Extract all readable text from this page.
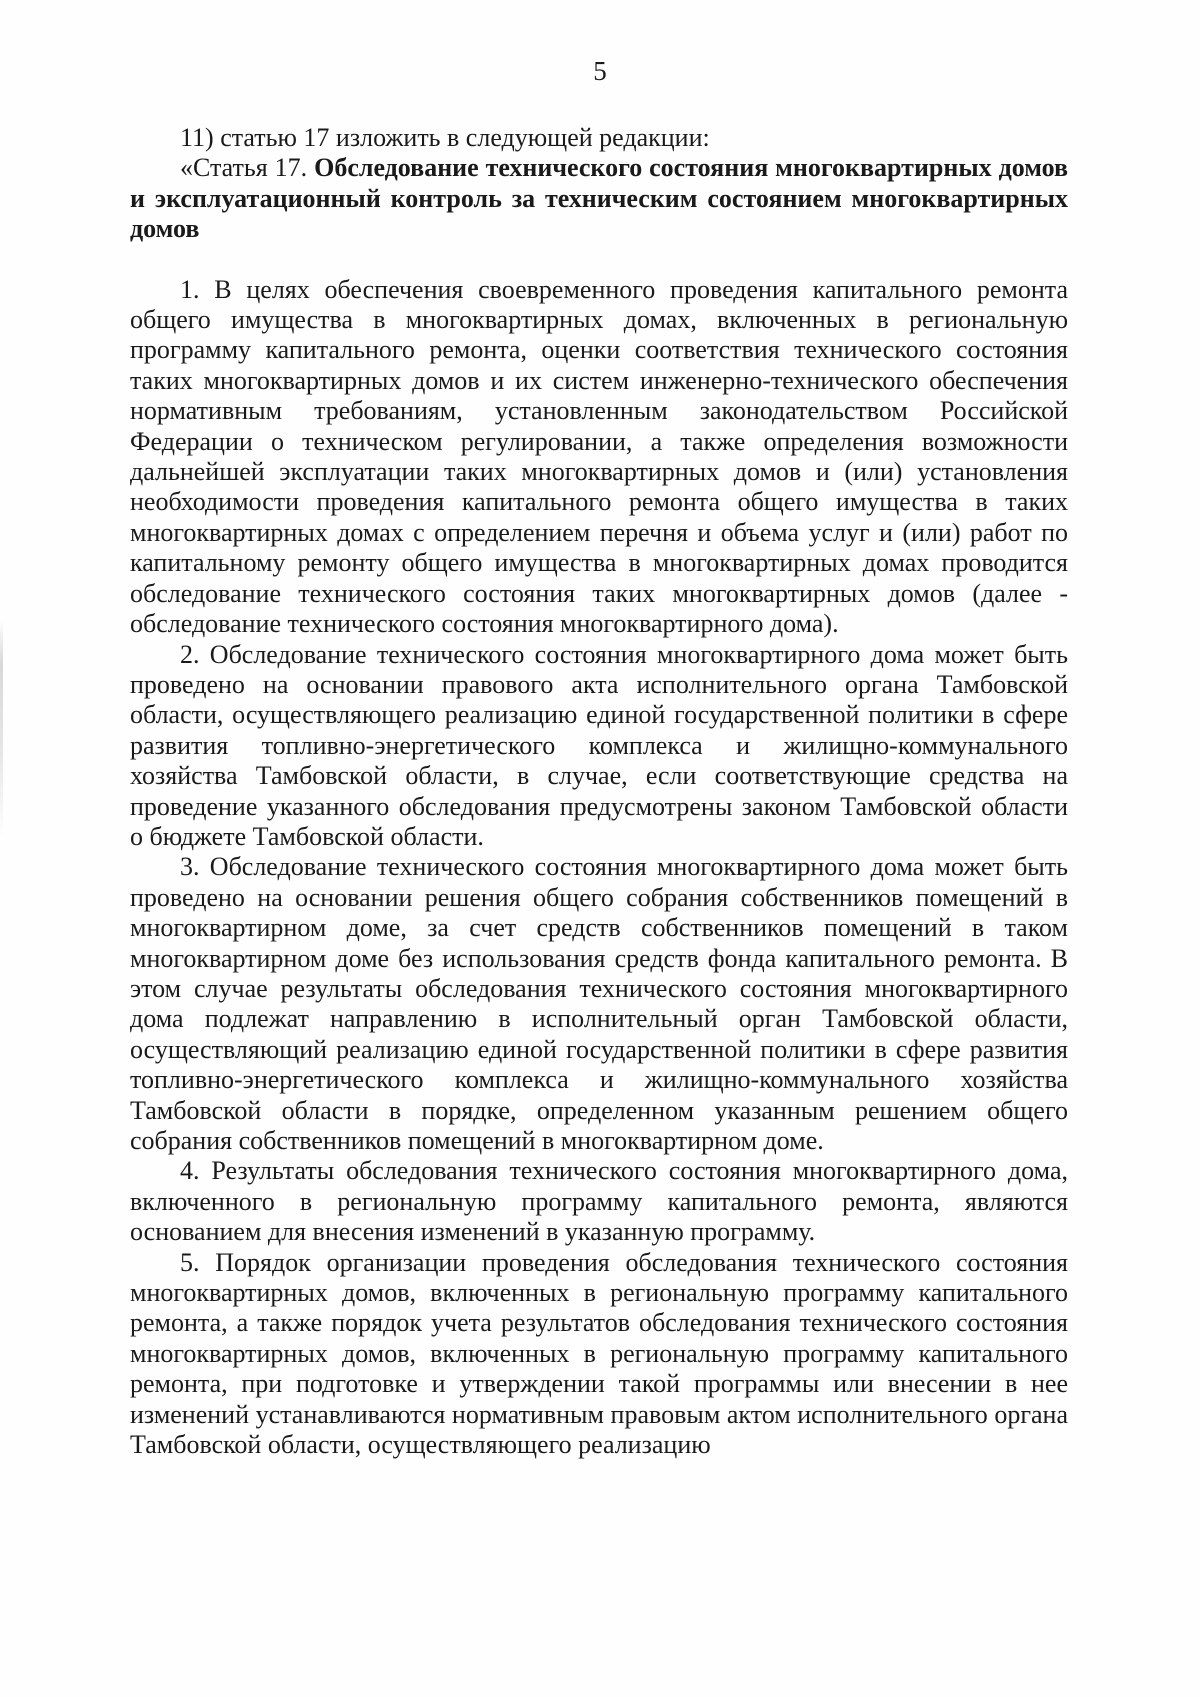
5

11) статью 17 изложить в следующей редакции:

«Статья 17. Обследование технического состояния многоквартирных домов и эксплуатационный контроль за техническим состоянием многоквартирных домов

1. В целях обеспечения своевременного проведения капитального ремонта общего имущества в многоквартирных домах, включенных в региональную программу капитального ремонта, оценки соответствия технического состояния таких многоквартирных домов и их систем инженерно-технического обеспечения нормативным требованиям, установленным законодательством Российской Федерации о техническом регулировании, а также определения возможности дальнейшей эксплуатации таких многоквартирных домов и (или) установления необходимости проведения капитального ремонта общего имущества в таких многоквартирных домах с определением перечня и объема услуг и (или) работ по капитальному ремонту общего имущества в многоквартирных домах проводится обследование технического состояния таких многоквартирных домов (далее - обследование технического состояния многоквартирного дома).

2. Обследование технического состояния многоквартирного дома может быть проведено на основании правового акта исполнительного органа Тамбовской области, осуществляющего реализацию единой государственной политики в сфере развития топливно-энергетического комплекса и жилищно-коммунального хозяйства Тамбовской области, в случае, если соответствующие средства на проведение указанного обследования предусмотрены законом Тамбовской области о бюджете Тамбовской области.

3. Обследование технического состояния многоквартирного дома может быть проведено на основании решения общего собрания собственников помещений в многоквартирном доме, за счет средств собственников помещений в таком многоквартирном доме без использования средств фонда капитального ремонта. В этом случае результаты обследования технического состояния многоквартирного дома подлежат направлению в исполнительный орган Тамбовской области, осуществляющий реализацию единой государственной политики в сфере развития топливно-энергетического комплекса и жилищно-коммунального хозяйства Тамбовской области в порядке, определенном указанным решением общего собрания собственников помещений в многоквартирном доме.

4. Результаты обследования технического состояния многоквартирного дома, включенного в региональную программу капитального ремонта, являются основанием для внесения изменений в указанную программу.

5. Порядок организации проведения обследования технического состояния многоквартирных домов, включенных в региональную программу капитального ремонта, а также порядок учета результатов обследования технического состояния многоквартирных домов, включенных в региональную программу капитального ремонта, при подготовке и утверждении такой программы или внесении в нее изменений устанавливаются нормативным правовым актом исполнительного органа Тамбовской области, осуществляющего реализацию
